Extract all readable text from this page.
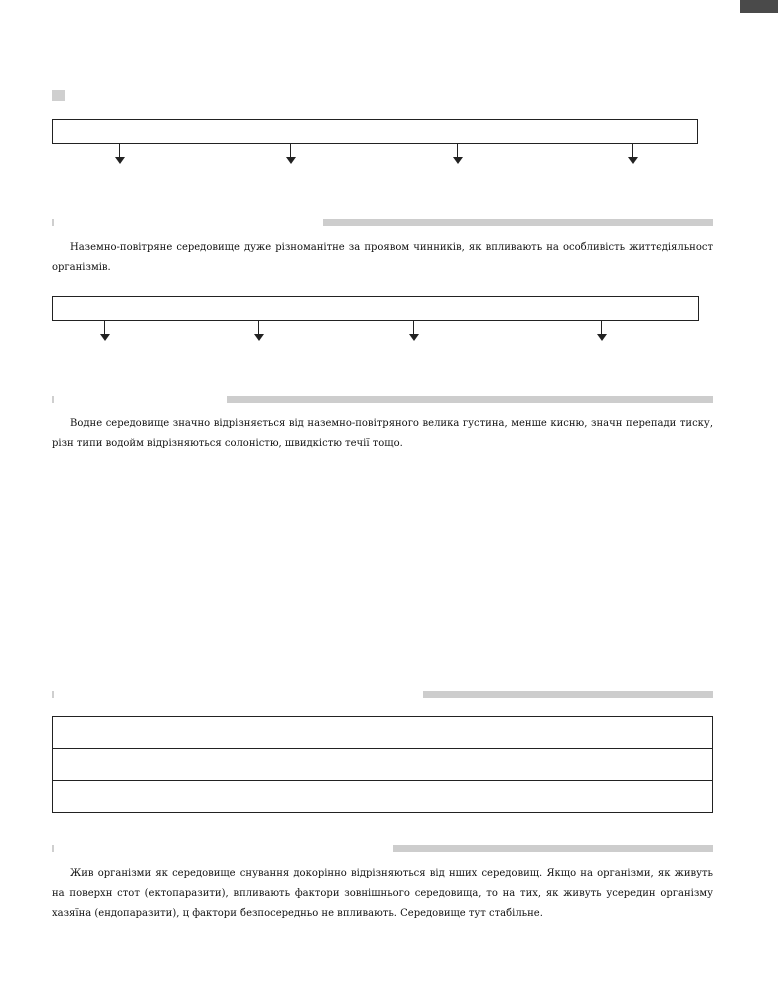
Наземно-повітряне середовище дуже різноманітне за проявом чинників, як впливають на особливість життєдіяльност організмів.

Водне середовище значно відрізняється від наземно-повітряного велика густина, менше кисню, значн перепади тиску, різн типи водойм відрізняються солоністю, швидкістю течії тощо.

Жив організми як середовище снування докорінно відрізняються від нших середовищ. Якщо на організми, як живуть на поверхн стот (ектопаразити), впливають фактори зовнішнього середовища, то на тих, як живуть усередин організму хазяїна (ендопаразити), ц фактори безпосередньо не впливають. Середовище тут стабільне.
